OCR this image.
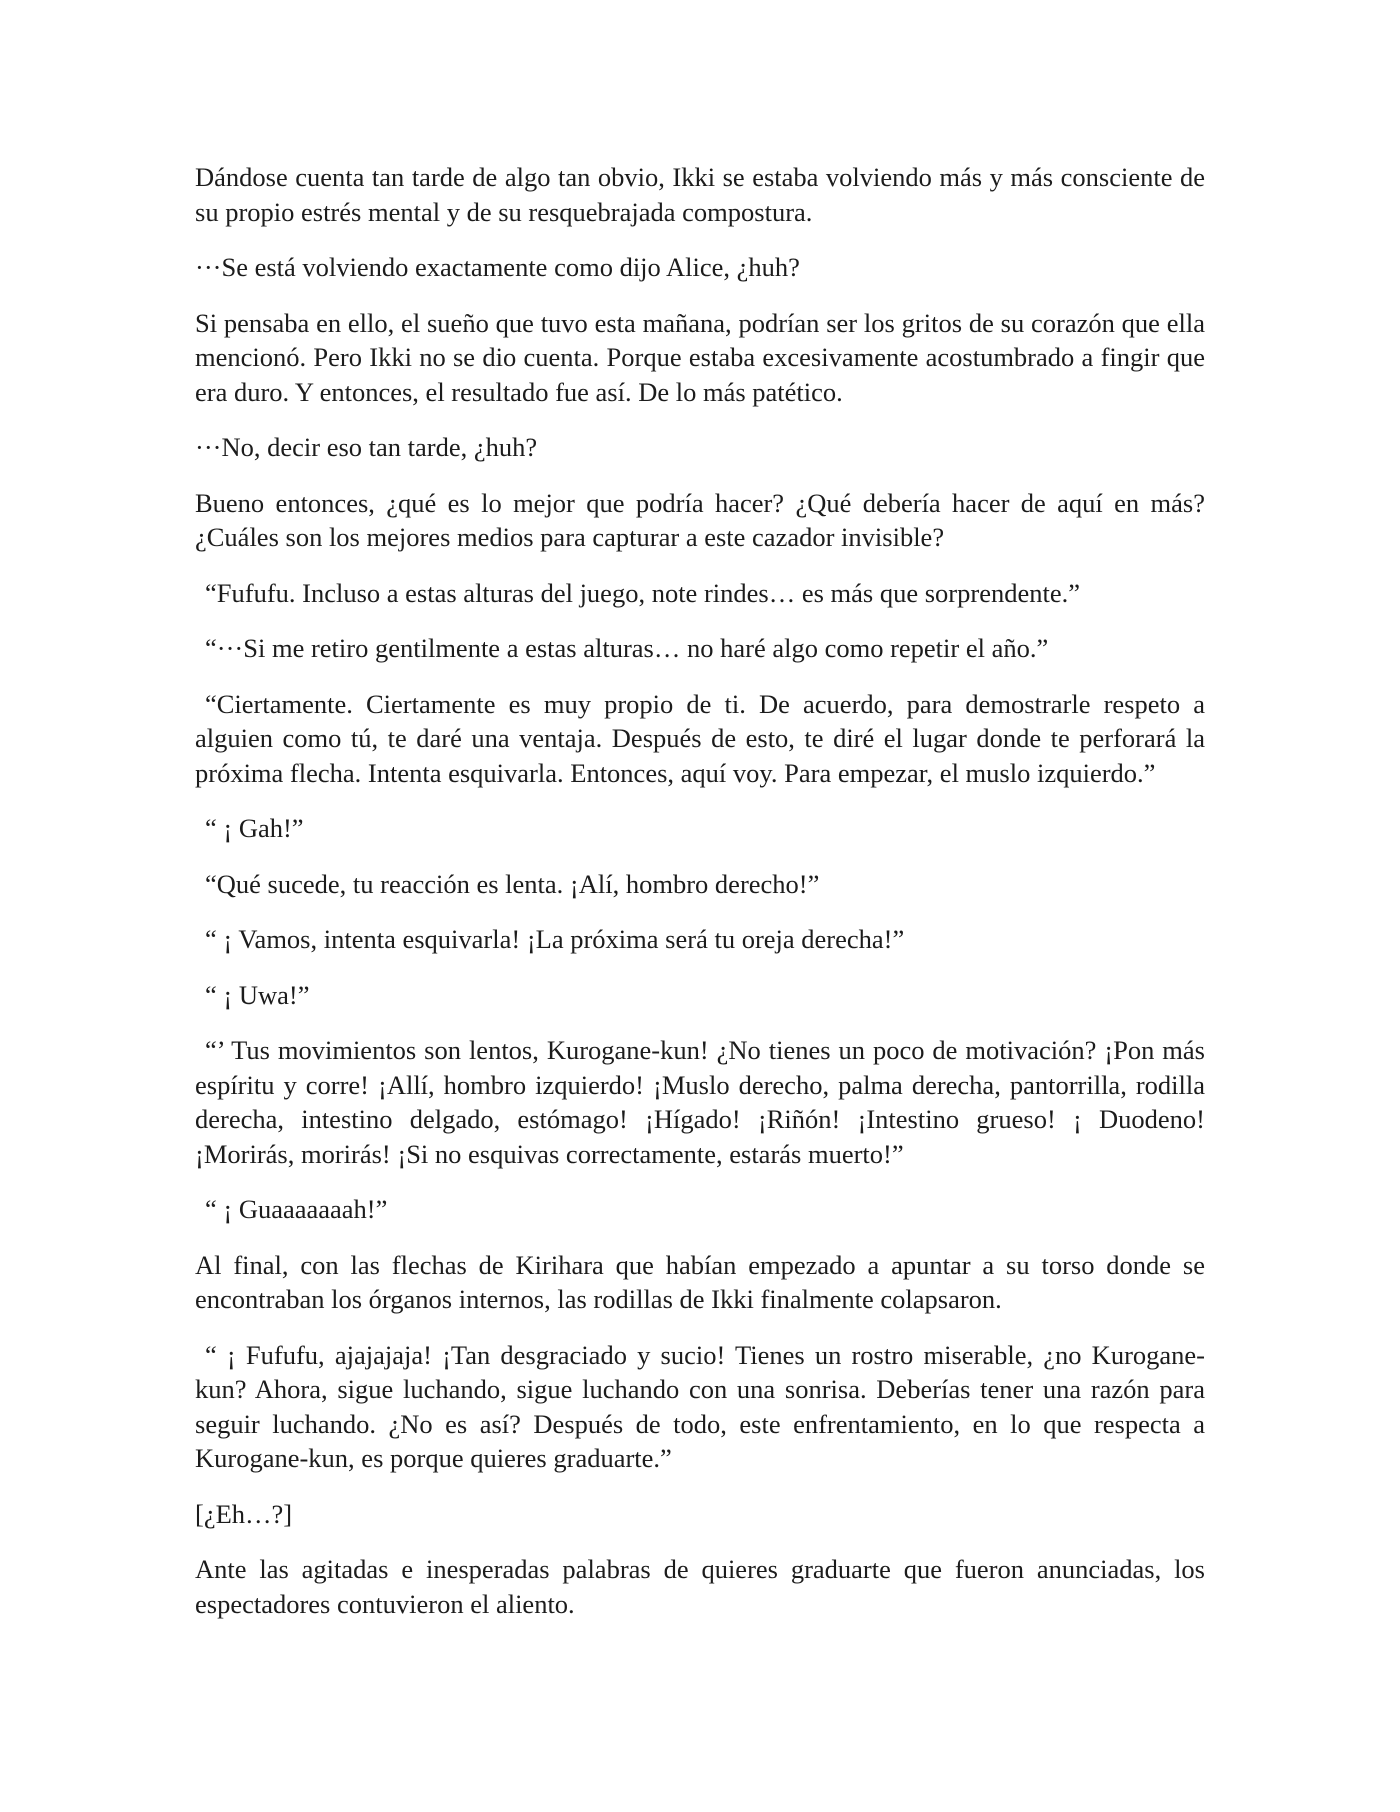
Dándose cuenta tan tarde de algo tan obvio, Ikki se estaba volviendo más y más consciente de su propio estrés mental y de su resquebrajada compostura.

···Se está volviendo exactamente como dijo Alice, ¿huh?

Si pensaba en ello, el sueño que tuvo esta mañana, podrían ser los gritos de su corazón que ella mencionó. Pero Ikki no se dio cuenta. Porque estaba excesivamente acostumbrado a fingir que era duro. Y entonces, el resultado fue así. De lo más patético.

···No, decir eso tan tarde, ¿huh?

Bueno entonces, ¿qué es lo mejor que podría hacer? ¿Qué debería hacer de aquí en más? ¿Cuáles son los mejores medios para capturar a este cazador invisible?

“Fufufu. Incluso a estas alturas del juego, note rindes… es más que sorprendente.”

“···Si me retiro gentilmente a estas alturas… no haré algo como repetir el año.”

“Ciertamente. Ciertamente es muy propio de ti. De acuerdo, para demostrarle respeto a alguien como tú, te daré una ventaja. Después de esto, te diré el lugar donde te perforará la próxima flecha. Intenta esquivarla. Entonces, aquí voy. Para empezar, el muslo izquierdo.”

“ ¡ Gah!”

“Qué sucede, tu reacción es lenta. ¡Alí, hombro derecho!”

“ ¡ Vamos, intenta esquivarla! ¡La próxima será tu oreja derecha!”

“ ¡ Uwa!”

“’ Tus movimientos son lentos, Kurogane-kun! ¿No tienes un poco de motivación? ¡Pon más espíritu y corre! ¡Allí, hombro izquierdo! ¡Muslo derecho, palma derecha, pantorrilla, rodilla derecha, intestino delgado, estómago! ¡Hígado! ¡Riñón! ¡Intestino grueso! ¡ Duodeno! ¡Morirás, morirás! ¡Si no esquivas correctamente, estarás muerto!”

“ ¡ Guaaaaaaah!”

Al final, con las flechas de Kirihara que habían empezado a apuntar a su torso donde se encontraban los órganos internos, las rodillas de Ikki finalmente colapsaron.

“ ¡ Fufufu, ajajajaja! ¡Tan desgraciado y sucio! Tienes un rostro miserable, ¿no Kurogane-kun? Ahora, sigue luchando, sigue luchando con una sonrisa. Deberías tener una razón para seguir luchando. ¿No es así? Después de todo, este enfrentamiento, en lo que respecta a Kurogane-kun, es porque quieres graduarte.”

[¿Eh…?]

Ante las agitadas e inesperadas palabras de quieres graduarte que fueron anunciadas, los espectadores contuvieron el aliento.
